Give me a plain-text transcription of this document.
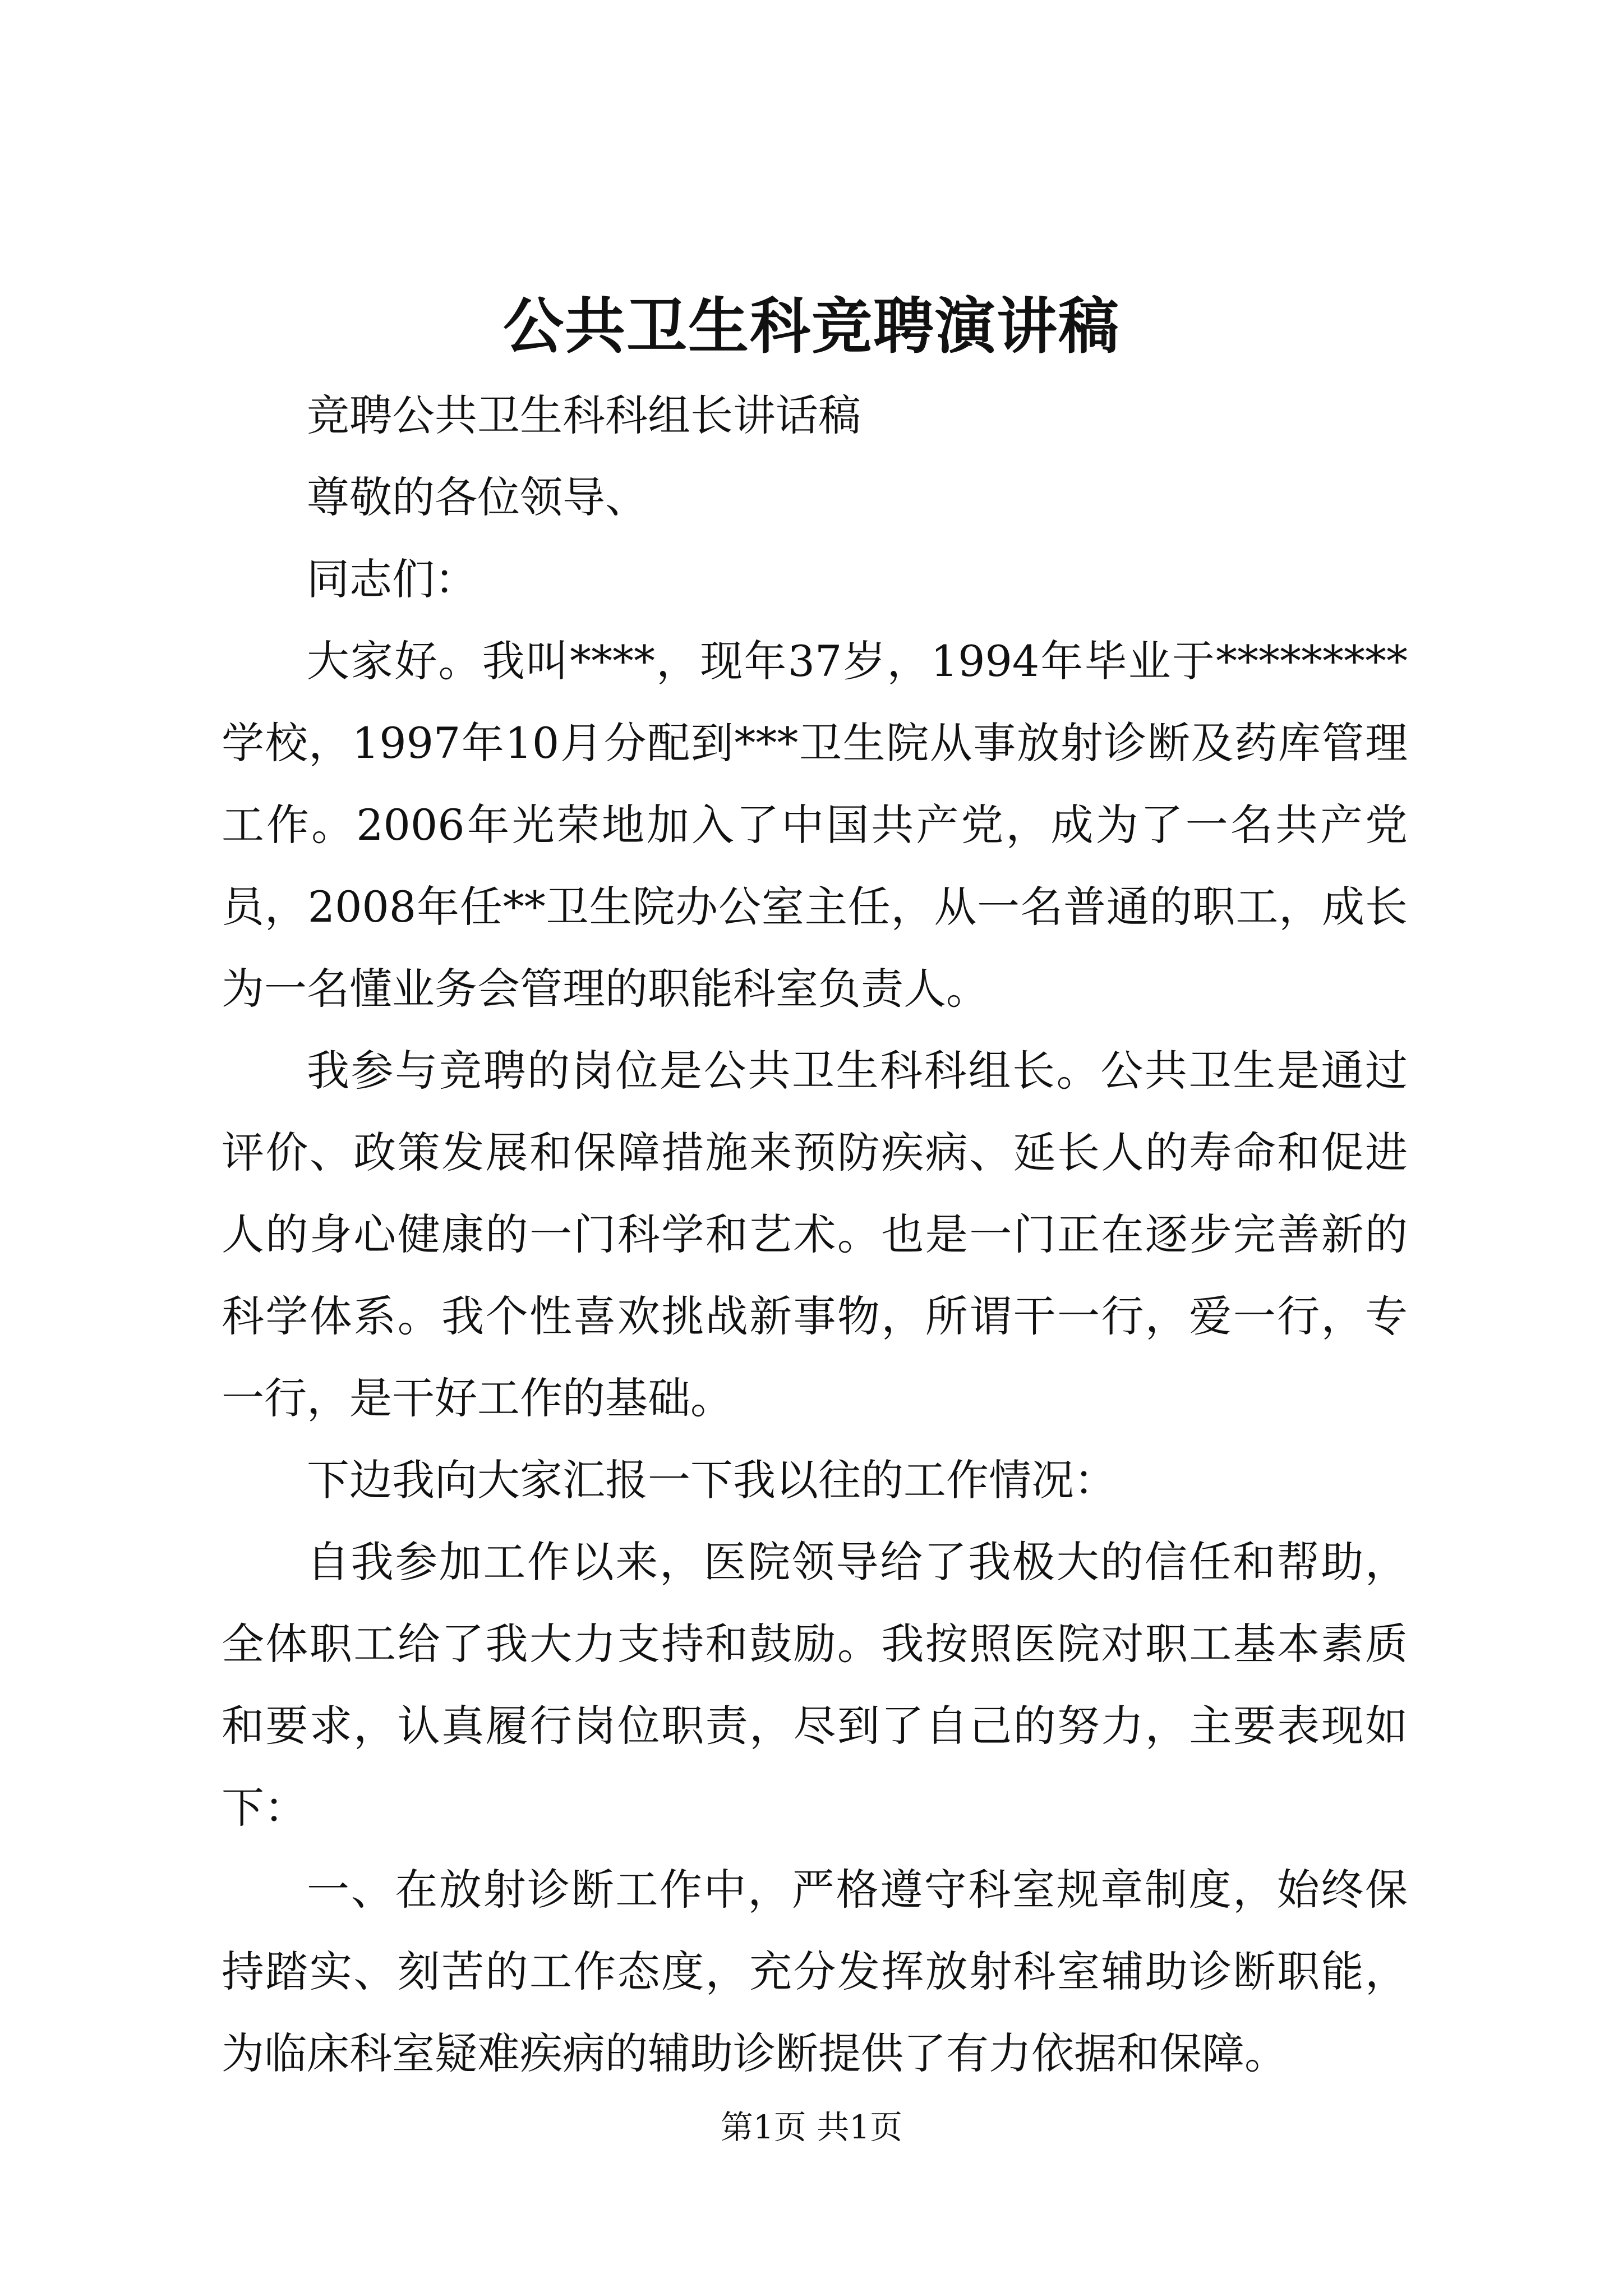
公共卫生科竞聘演讲稿

竞聘公共卫生科科组长讲话稿

尊敬的各位领导、

同志们：

大家好。我叫****，现年37岁，1994年毕业于*********学校，1997年10月分配到***卫生院从事放射诊断及药库管理工作。2006年光荣地加入了中国共产党，成为了一名共产党员，2008年任**卫生院办公室主任，从一名普通的职工，成长为一名懂业务会管理的职能科室负责人。

我参与竞聘的岗位是公共卫生科科组长。公共卫生是通过评价、政策发展和保障措施来预防疾病、延长人的寿命和促进人的身心健康的一门科学和艺术。也是一门正在逐步完善新的科学体系。我个性喜欢挑战新事物，所谓干一行，爱一行，专一行，是干好工作的基础。

下边我向大家汇报一下我以往的工作情况：

自我参加工作以来，医院领导给了我极大的信任和帮助，全体职工给了我大力支持和鼓励。我按照医院对职工基本素质和要求，认真履行岗位职责，尽到了自己的努力，主要表现如下：

一、在放射诊断工作中，严格遵守科室规章制度，始终保持踏实、刻苦的工作态度，充分发挥放射科室辅助诊断职能，为临床科室疑难疾病的辅助诊断提供了有力依据和保障。

第1页 共1页
